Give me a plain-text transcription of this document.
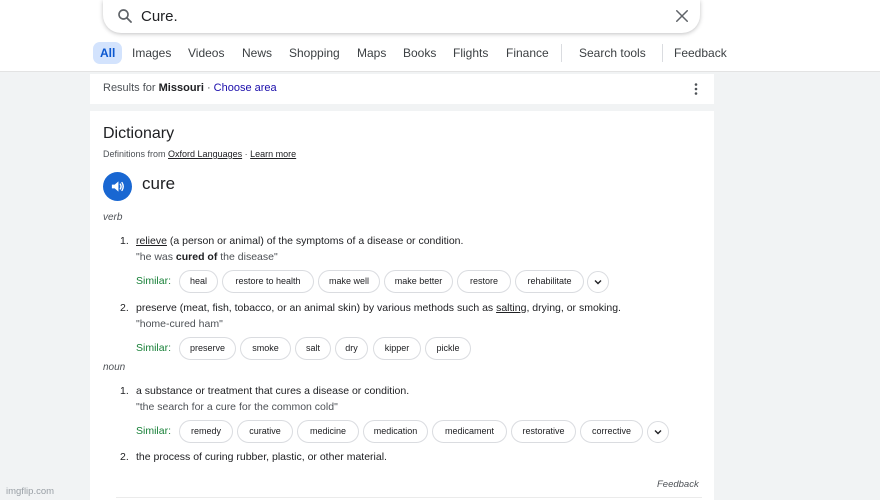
Cure.
All	Images Videos News Shopping Maps Books Flights Finance	Search tools Feedback
Results for Missouri · Choose area
Dictionary
Definitions from Oxford Languages · Learn more
cure
verb
1. relieve (a person or animal) of the symptoms of a disease or condition.
"he was cured of the disease"
Similar:	heal	restore to health	make well	make better	restore	rehabilitate
2. preserve (meat, fish, tobacco, or an animal skin) by various methods such as salting, drying, or smoking.
"home-cured ham"
Similar:	preserve	smoke	salt	dry	kipper	pickle
noun
1. a substance or treatment that cures a disease or condition.
"the search for a cure for the common cold"
Similar:	remedy	curative	medicine	medication	medicament	restorative	corrective
2. the process of curing rubber, plastic, or other material.
Feedback
imgflip.com
